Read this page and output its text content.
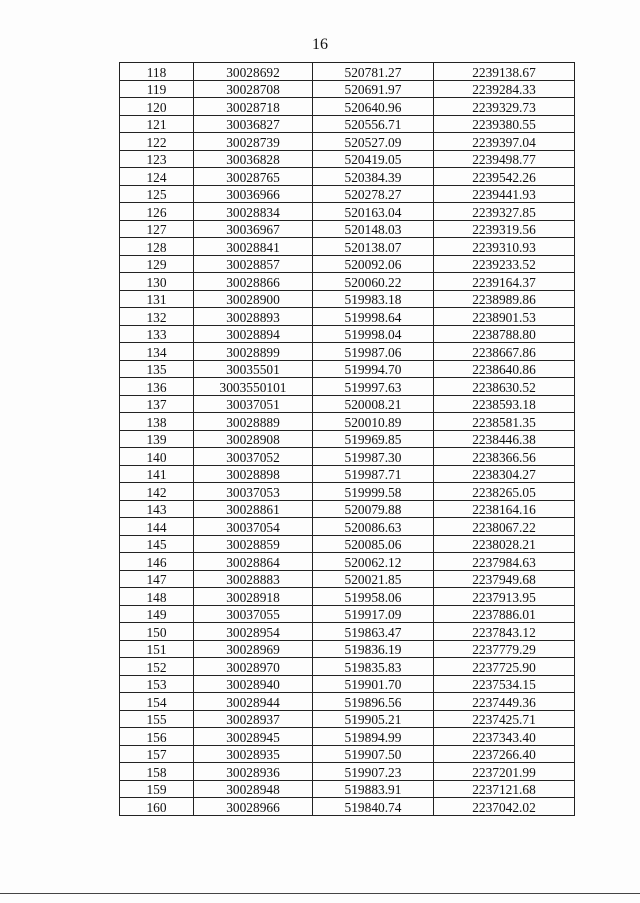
16
118	30028692	520781.27	2239138.67
119	30028708	520691.97	2239284.33
120	30028718	520640.96	2239329.73
121	30036827	520556.71	2239380.55
122	30028739	520527.09	2239397.04
123	30036828	520419.05	2239498.77
124	30028765	520384.39	2239542.26
125	30036966	520278.27	2239441.93
126	30028834	520163.04	2239327.85
127	30036967	520148.03	2239319.56
128	30028841	520138.07	2239310.93
129	30028857	520092.06	2239233.52
130	30028866	520060.22	2239164.37
131	30028900	519983.18	2238989.86
132	30028893	519998.64	2238901.53
133	30028894	519998.04	2238788.80
134	30028899	519987.06	2238667.86
135	30035501	519994.70	2238640.86
136	3003550101	519997.63	2238630.52
137	30037051	520008.21	2238593.18
138	30028889	520010.89	2238581.35
139	30028908	519969.85	2238446.38
140	30037052	519987.30	2238366.56
141	30028898	519987.71	2238304.27
142	30037053	519999.58	2238265.05
143	30028861	520079.88	2238164.16
144	30037054	520086.63	2238067.22
145	30028859	520085.06	2238028.21
146	30028864	520062.12	2237984.63
147	30028883	520021.85	2237949.68
148	30028918	519958.06	2237913.95
149	30037055	519917.09	2237886.01
150	30028954	519863.47	2237843.12
151	30028969	519836.19	2237779.29
152	30028970	519835.83	2237725.90
153	30028940	519901.70	2237534.15
154	30028944	519896.56	2237449.36
155	30028937	519905.21	2237425.71
156	30028945	519894.99	2237343.40
157	30028935	519907.50	2237266.40
158	30028936	519907.23	2237201.99
159	30028948	519883.91	2237121.68
160	30028966	519840.74	2237042.02
